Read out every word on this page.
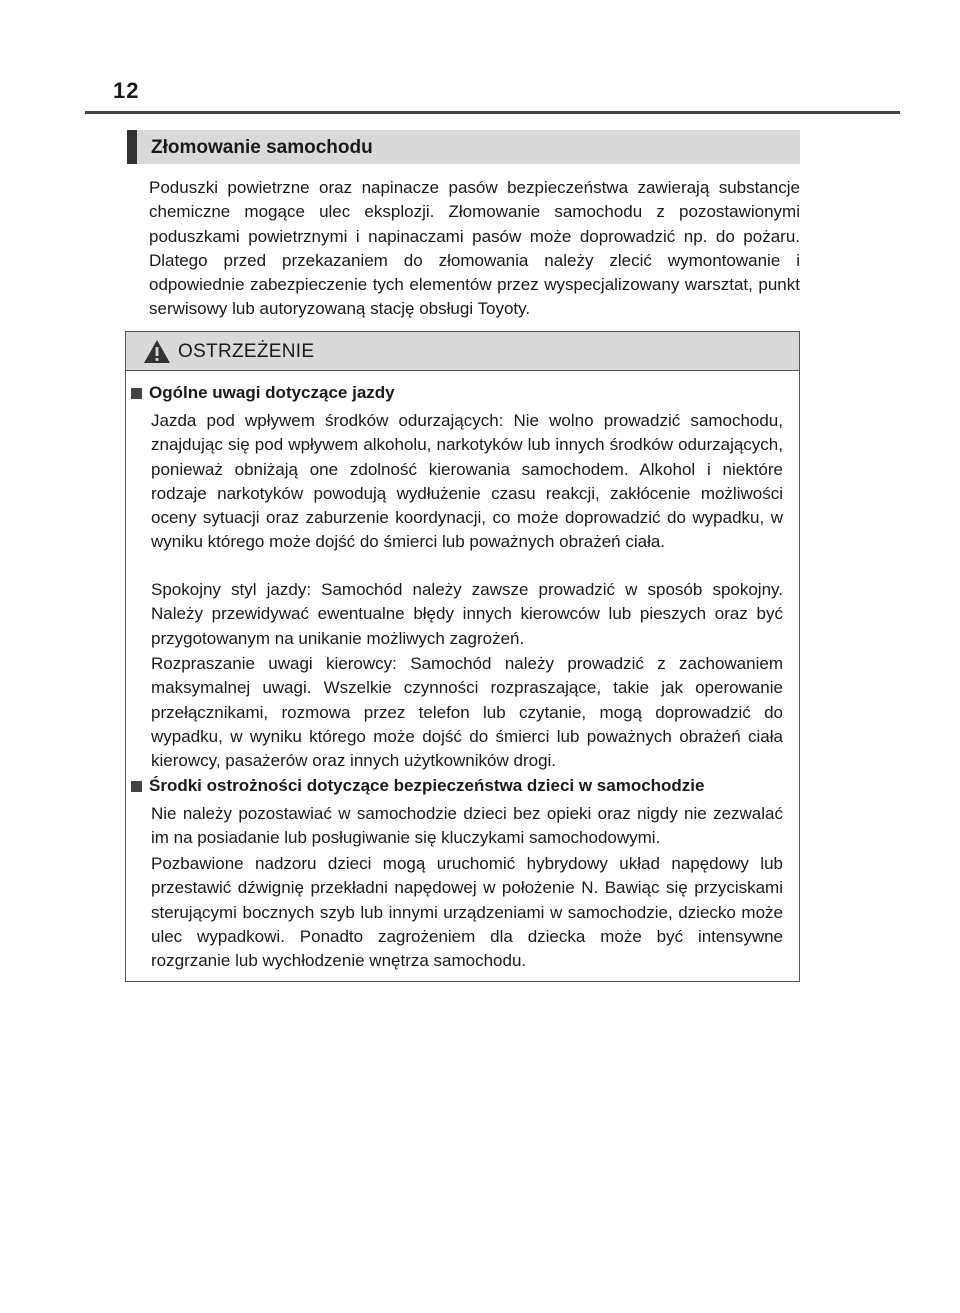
12
Złomowanie samochodu

Poduszki powietrzne oraz napinacze pasów bezpieczeństwa zawierają substancje chemiczne mogące ulec eksplozji. Złomowanie samochodu z pozostawionymi poduszkami powietrznymi i napinaczami pasów może doprowadzić np. do pożaru. Dlatego przed przekazaniem do złomowania należy zlecić wymontowanie i odpowiednie zabezpieczenie tych elementów przez wyspecjalizowany warsztat, punkt serwisowy lub autoryzowaną stację obsługi Toyoty.

OSTRZEŻENIE
Ogólne uwagi dotyczące jazdy

Jazda pod wpływem środków odurzających: Nie wolno prowadzić samochodu, znajdując się pod wpływem alkoholu, narkotyków lub innych środków odurzających, ponieważ obniżają one zdolność kierowania samochodem. Alkohol i niektóre rodzaje narkotyków powodują wydłużenie czasu reakcji, zakłócenie możliwości oceny sytuacji oraz zaburzenie koordynacji, co może doprowadzić do wypadku, w wyniku którego może dojść do śmierci lub poważnych obrażeń ciała.

Spokojny styl jazdy: Samochód należy zawsze prowadzić w sposób spokojny. Należy przewidywać ewentualne błędy innych kierowców lub pieszych oraz być przygotowanym na unikanie możliwych zagrożeń.

Rozpraszanie uwagi kierowcy: Samochód należy prowadzić z zachowaniem maksymalnej uwagi. Wszelkie czynności rozpraszające, takie jak operowanie przełącznikami, rozmowa przez telefon lub czytanie, mogą doprowadzić do wypadku, w wyniku którego może dojść do śmierci lub poważnych obrażeń ciała kierowcy, pasażerów oraz innych użytkowników drogi.

Środki ostrożności dotyczące bezpieczeństwa dzieci w samochodzie

Nie należy pozostawiać w samochodzie dzieci bez opieki oraz nigdy nie zezwalać im na posiadanie lub posługiwanie się kluczykami samochodowymi.

Pozbawione nadzoru dzieci mogą uruchomić hybrydowy układ napędowy lub przestawić dźwignię przekładni napędowej w położenie N. Bawiąc się przyciskami sterującymi bocznych szyb lub innymi urządzeniami w samochodzie, dziecko może ulec wypadkowi. Ponadto zagrożeniem dla dziecka może być intensywne rozgrzanie lub wychłodzenie wnętrza samochodu.
